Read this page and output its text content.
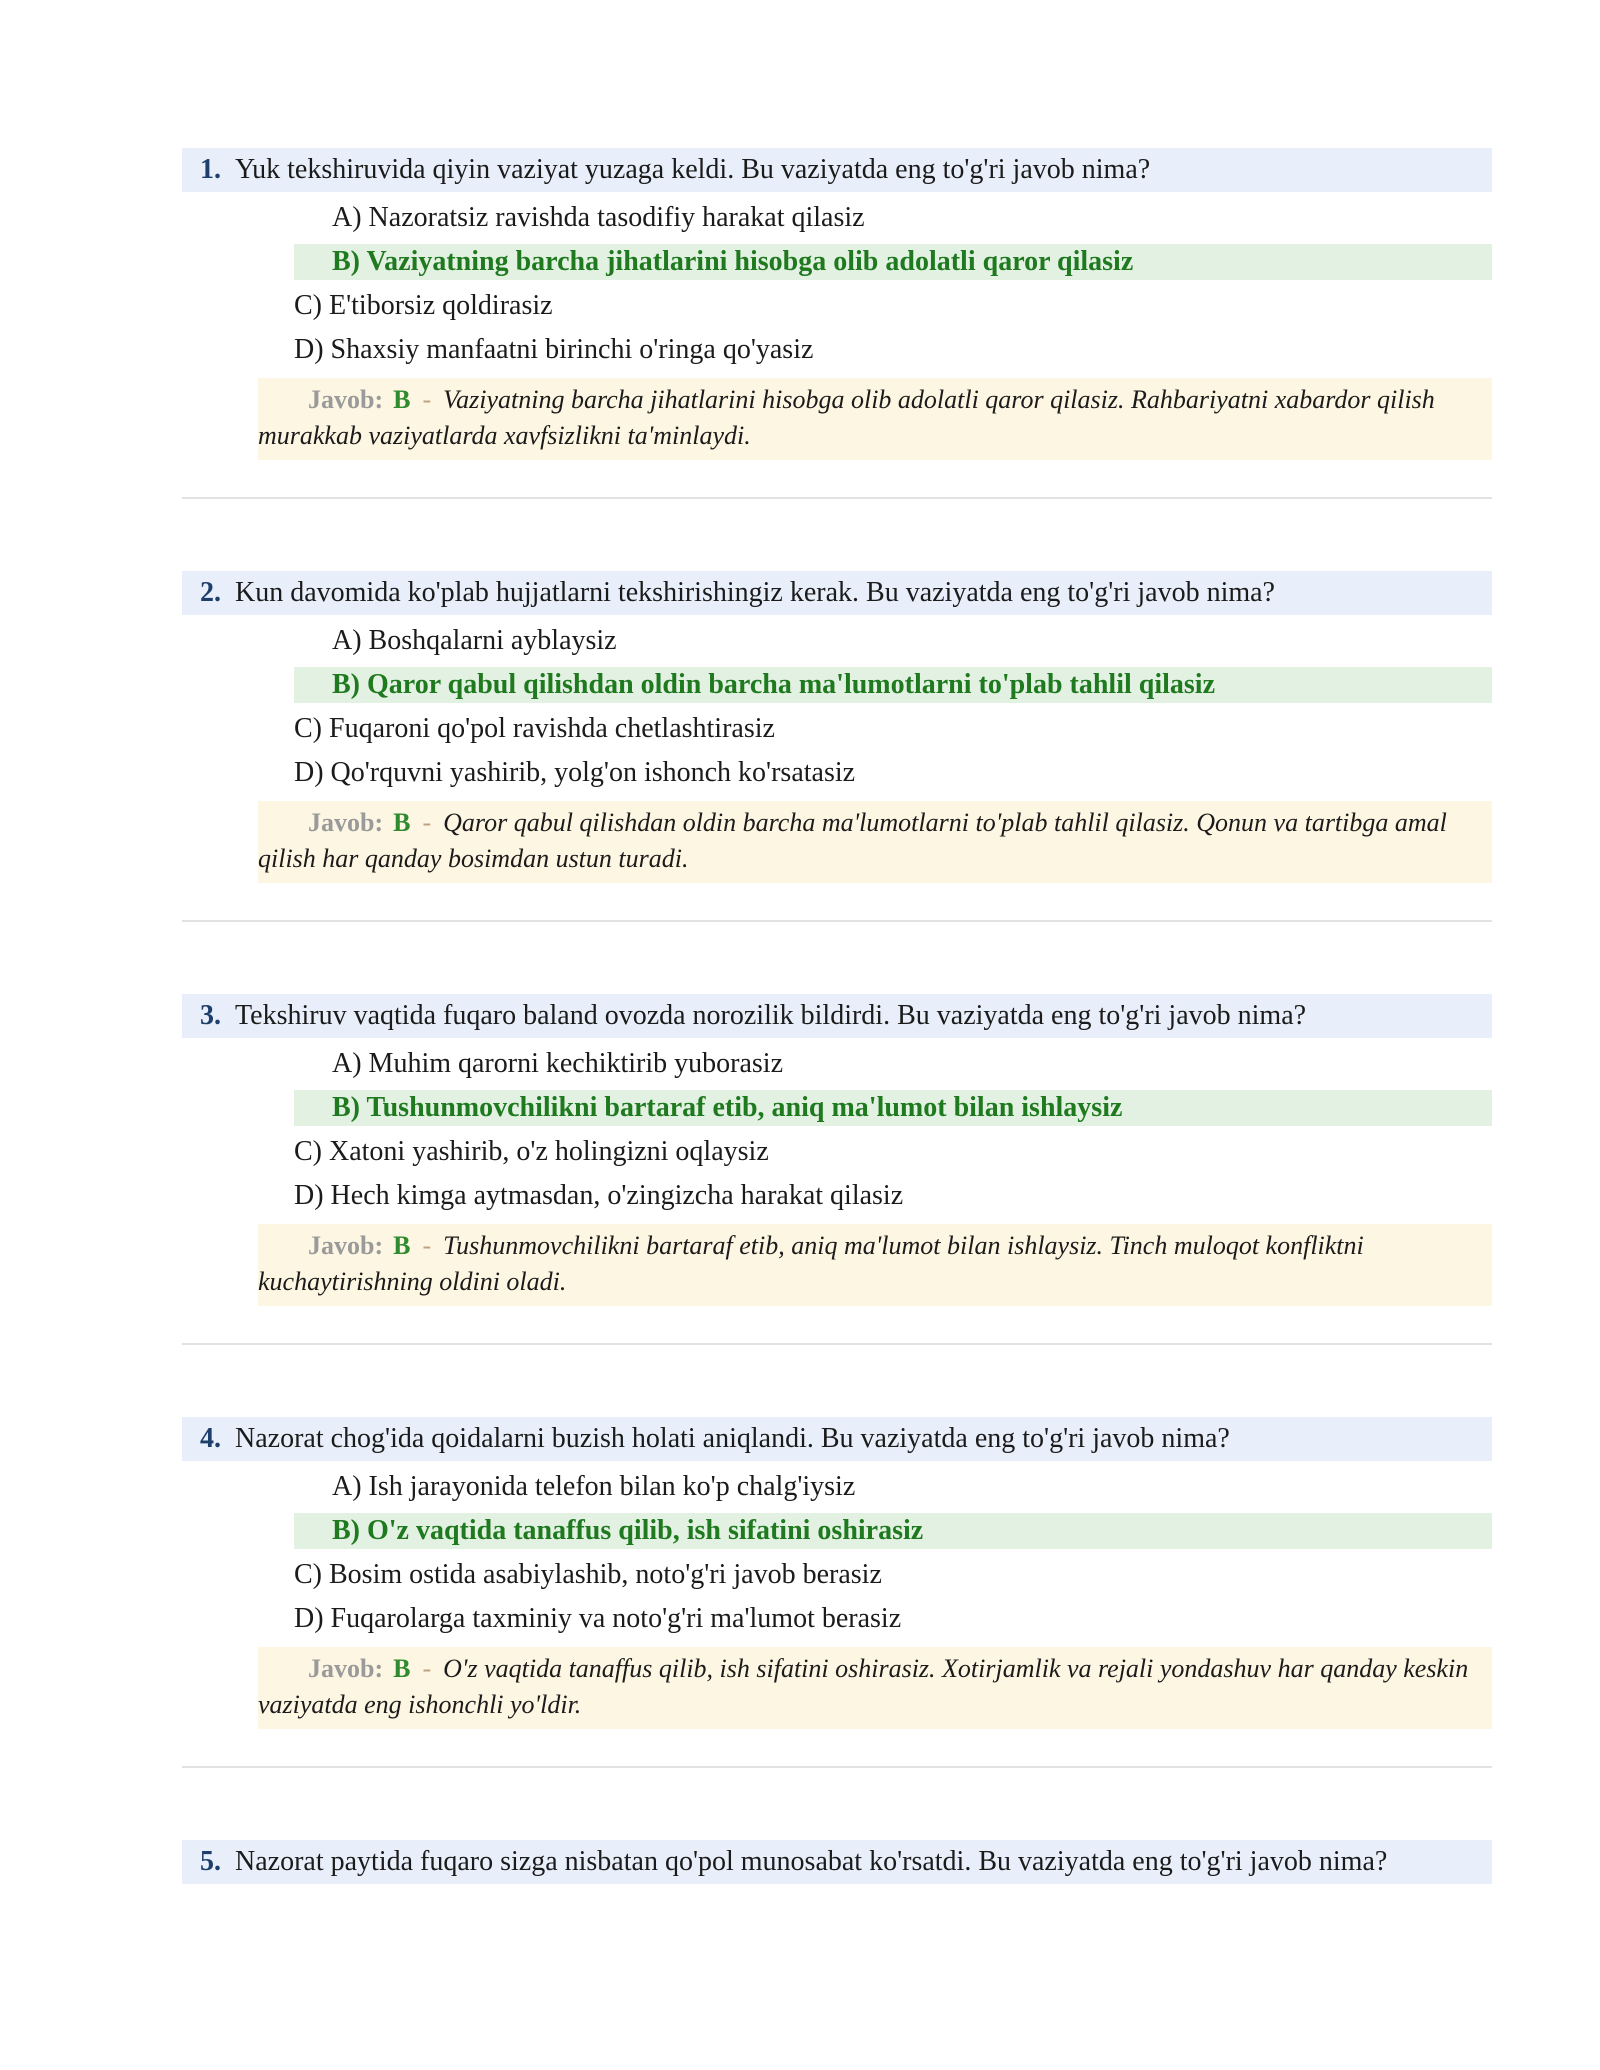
1. Yuk tekshiruvida qiyin vaziyat yuzaga keldi. Bu vaziyatda eng to'g'ri javob nima?
A) Nazoratsiz ravishda tasodifiy harakat qilasiz
B) Vaziyatning barcha jihatlarini hisobga olib adolatli qaror qilasiz
C) E'tiborsiz qoldirasiz
D) Shaxsiy manfaatni birinchi o'ringa qo'yasiz
Javob: B - Vaziyatning barcha jihatlarini hisobga olib adolatli qaror qilasiz. Rahbariyatni xabardor qilish murakkab vaziyatlarda xavfsizlikni ta'minlaydi.
2. Kun davomida ko'plab hujjatlarni tekshirishingiz kerak. Bu vaziyatda eng to'g'ri javob nima?
A) Boshqalarni ayblaysiz
B) Qaror qabul qilishdan oldin barcha ma'lumotlarni to'plab tahlil qilasiz
C) Fuqaroni qo'pol ravishda chetlashtirasiz
D) Qo'rquvni yashirib, yolg'on ishonch ko'rsatasiz
Javob: B - Qaror qabul qilishdan oldin barcha ma'lumotlarni to'plab tahlil qilasiz. Qonun va tartibga amal qilish har qanday bosimdan ustun turadi.
3. Tekshiruv vaqtida fuqaro baland ovozda norozilik bildirdi. Bu vaziyatda eng to'g'ri javob nima?
A) Muhim qarorni kechiktirib yuborasiz
B) Tushunmovchilikni bartaraf etib, aniq ma'lumot bilan ishlaysiz
C) Xatoni yashirib, o'z holingizni oqlaysiz
D) Hech kimga aytmasdan, o'zingizcha harakat qilasiz
Javob: B - Tushunmovchilikni bartaraf etib, aniq ma'lumot bilan ishlaysiz. Tinch muloqot konfliktni kuchaytirishning oldini oladi.
4. Nazorat chog'ida qoidalarni buzish holati aniqlandi. Bu vaziyatda eng to'g'ri javob nima?
A) Ish jarayonida telefon bilan ko'p chalg'iysiz
B) O'z vaqtida tanaffus qilib, ish sifatini oshirasiz
C) Bosim ostida asabiylashib, noto'g'ri javob berasiz
D) Fuqarolarga taxminiy va noto'g'ri ma'lumot berasiz
Javob: B - O'z vaqtida tanaffus qilib, ish sifatini oshirasiz. Xotirjamlik va rejali yondashuv har qanday keskin vaziyatda eng ishonchli yo'ldir.
5. Nazorat paytida fuqaro sizga nisbatan qo'pol munosabat ko'rsatdi. Bu vaziyatda eng to'g'ri javob nima?
